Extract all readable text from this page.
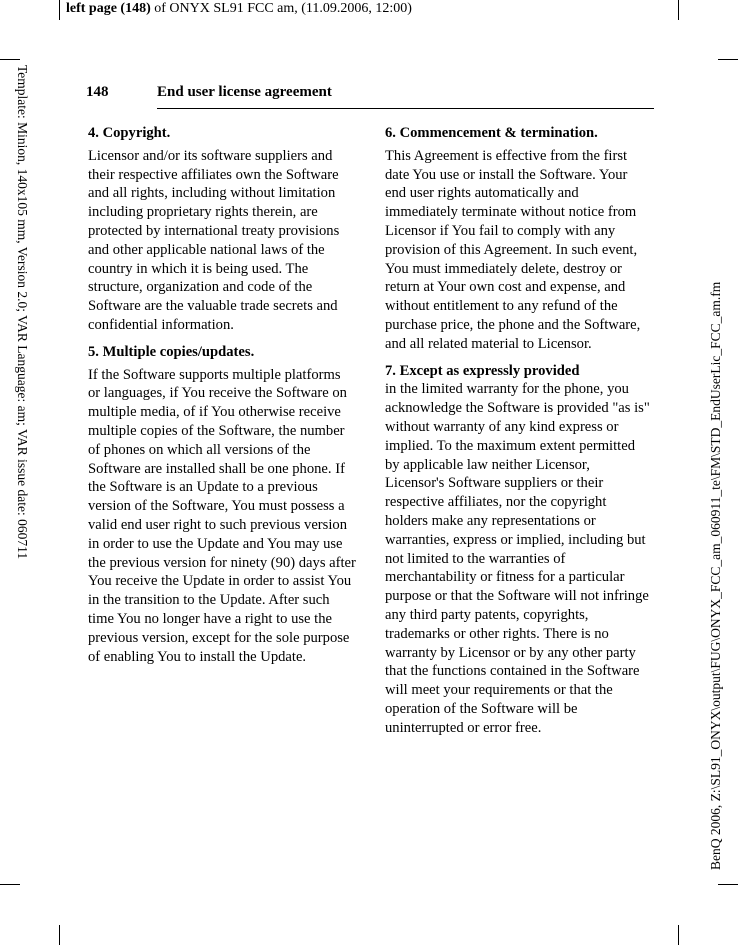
left page (148) of ONYX SL91 FCC am, (11.09.2006, 12:00)
Template: Minion, 140x105 mm, Version 2.0; VAR Language: am; VAR issue date: 060711	BenQ 2006, Z:\SL91_ONYX\output\FUG\ONYX_FCC_am_060911_te\FM\STD_EndUserLic_FCC_am.fm
148	End user license agreement
4. Copyright.
Licensor and/or its software suppliers and their respective affiliates own the Software and all rights, including without limitation including proprietary rights therein, are protected by international treaty provisions and other applicable national laws of the country in which it is being used. The structure, organization and code of the Software are the valuable trade secrets and confidential information.
5. Multiple copies/updates.
If the Software supports multiple platforms or languages, if You receive the Software on multiple media, of if You otherwise receive multiple copies of the Software, the number of phones on which all versions of the Software are installed shall be one phone. If the Software is an Update to a previous version of the Software, You must possess a valid end user right to such previous version in order to use the Update and You may use the previous version for ninety (90) days after You receive the Update in order to assist You in the transition to the Update. After such time You no longer have a right to use the previous version, except for the sole purpose of enabling You to install the Update.
6. Commencement & termination.
This Agreement is effective from the first date You use or install the Software. Your end user rights automatically and immediately terminate without notice from Licensor if You fail to comply with any provision of this Agreement. In such event, You must immediately delete, destroy or return at Your own cost and expense, and without entitlement to any refund of the purchase price, the phone and the Software, and all related material to Licensor.
7. Except as expressly provided
in the limited warranty for the phone, you acknowledge the Software is provided "as is" without warranty of any kind express or implied. To the maximum extent permitted by applicable law neither Licensor, Licensor's Software suppliers or their respective affiliates, nor the copyright holders make any representations or warranties, express or implied, including but not limited to the warranties of merchantability or fitness for a particular purpose or that the Software will not infringe any third party patents, copyrights, trademarks or other rights. There is no warranty by Licensor or by any other party that the functions contained in the Software will meet your requirements or that the operation of the Software will be uninterrupted or error free.
